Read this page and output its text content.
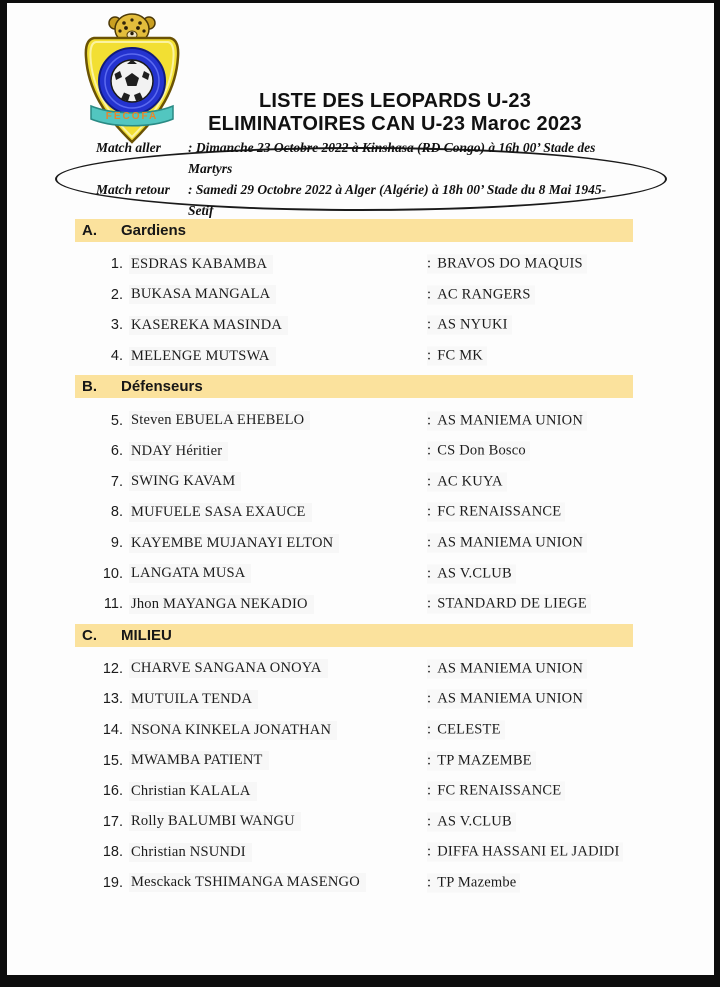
FECOFA
LISTE DES LEOPARDS U-23
ELIMINATOIRES CAN U-23 Maroc 2023
Match aller	: Dimanche 23 Octobre 2022 à Kinshasa (RD Congo) à 16h 00’ Stade des Martyrs
Match retour	: Samedi 29 Octobre 2022 à Alger (Algérie) à 18h 00’ Stade du 8 Mai 1945-Setif
A.	Gardiens
1. ESDRAS KABAMBA	: BRAVOS DO MAQUIS
2. BUKASA MANGALA	: AC RANGERS
3. KASEREKA MASINDA	: AS NYUKI
4. MELENGE MUTSWA	: FC MK
B.	Défenseurs
5. Steven EBUELA EHEBELO	: AS MANIEMA UNION
6. NDAY Héritier	: CS Don Bosco
7. SWING KAVAM	: AC KUYA
8. MUFUELE SASA EXAUCE	: FC RENAISSANCE
9. KAYEMBE MUJANAYI ELTON	: AS MANIEMA UNION
10. LANGATA MUSA	: AS V.CLUB
11. Jhon MAYANGA NEKADIO	: STANDARD DE LIEGE
C.	MILIEU
12. CHARVE SANGANA ONOYA	: AS MANIEMA UNION
13. MUTUILA TENDA	: AS MANIEMA UNION
14. NSONA KINKELA JONATHAN	: CELESTE
15. MWAMBA PATIENT	: TP MAZEMBE
16. Christian KALALA	: FC RENAISSANCE
17. Rolly BALUMBI WANGU	: AS V.CLUB
18. Christian NSUNDI	: DIFFA HASSANI EL JADIDI
19. Mesckack TSHIMANGA MASENGO	: TP Mazembe
